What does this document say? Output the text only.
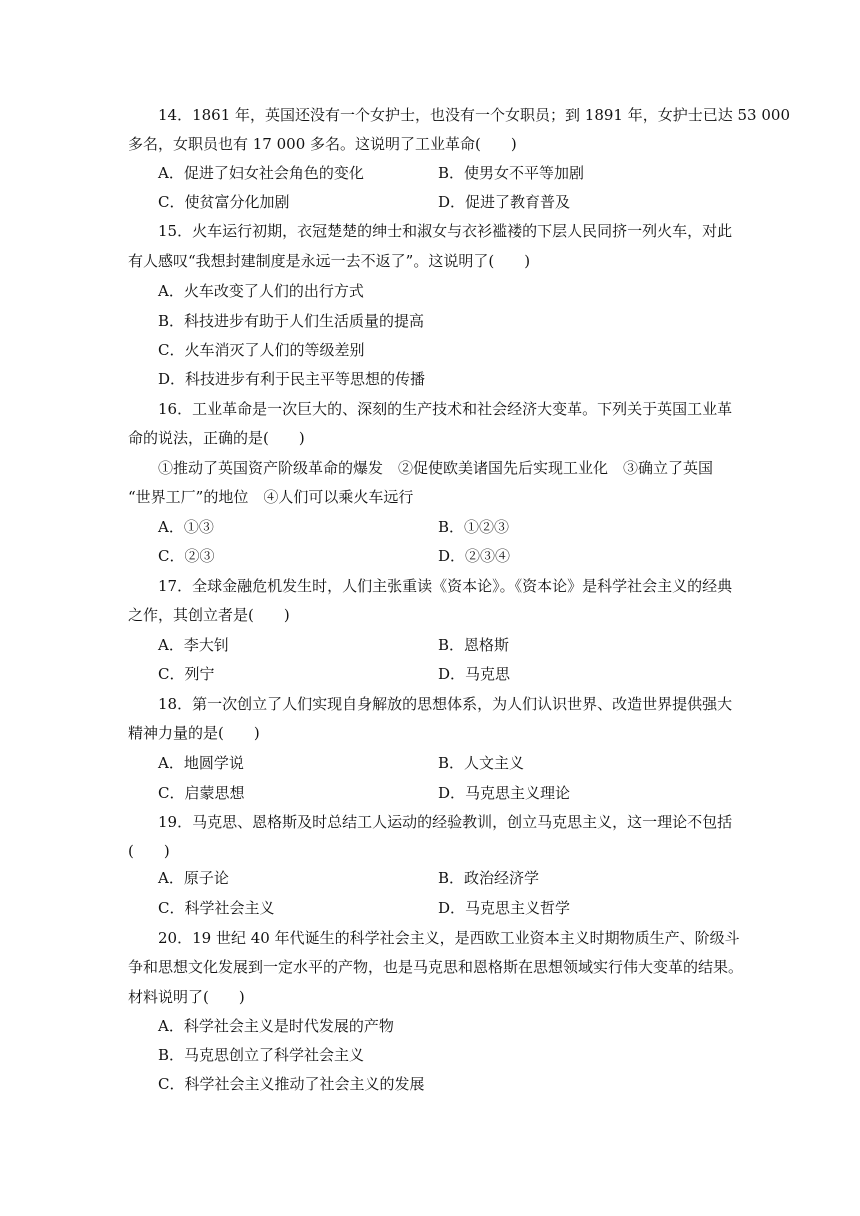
14．1861 年，英国还没有一个女护士，也没有一个女职员；到 1891 年，女护士已达 53 000
多名，女职员也有 17 000 多名。这说明了工业革命(　　)
A．促进了妇女社会角色的变化	B．使男女不平等加剧
C．使贫富分化加剧	D．促进了教育普及
15．火车运行初期，衣冠楚楚的绅士和淑女与衣衫褴褛的下层人民同挤一列火车，对此
有人感叹“我想封建制度是永远一去不返了”。这说明了(　　)
A．火车改变了人们的出行方式
B．科技进步有助于人们生活质量的提高
C．火车消灭了人们的等级差别
D．科技进步有利于民主平等思想的传播
16．工业革命是一次巨大的、深刻的生产技术和社会经济大变革。下列关于英国工业革
命的说法，正确的是(　　)
①推动了英国资产阶级革命的爆发　②促使欧美诸国先后实现工业化　③确立了英国
“世界工厂”的地位　④人们可以乘火车远行
A．①③	B．①②③
C．②③	D．②③④
17．全球金融危机发生时，人们主张重读《资本论》。《资本论》是科学社会主义的经典
之作，其创立者是(　　)
A．李大钊	B．恩格斯
C．列宁	D．马克思
18．第一次创立了人们实现自身解放的思想体系，为人们认识世界、改造世界提供强大
精神力量的是(　　)
A．地圆学说	B．人文主义
C．启蒙思想	D．马克思主义理论
19．马克思、恩格斯及时总结工人运动的经验教训，创立马克思主义，这一理论不包括
(　　)
A．原子论	B．政治经济学
C．科学社会主义	D．马克思主义哲学
20．19 世纪 40 年代诞生的科学社会主义，是西欧工业资本主义时期物质生产、阶级斗
争和思想文化发展到一定水平的产物，也是马克思和恩格斯在思想领域实行伟大变革的结果。
材料说明了(　　)
A．科学社会主义是时代发展的产物
B．马克思创立了科学社会主义
C．科学社会主义推动了社会主义的发展
